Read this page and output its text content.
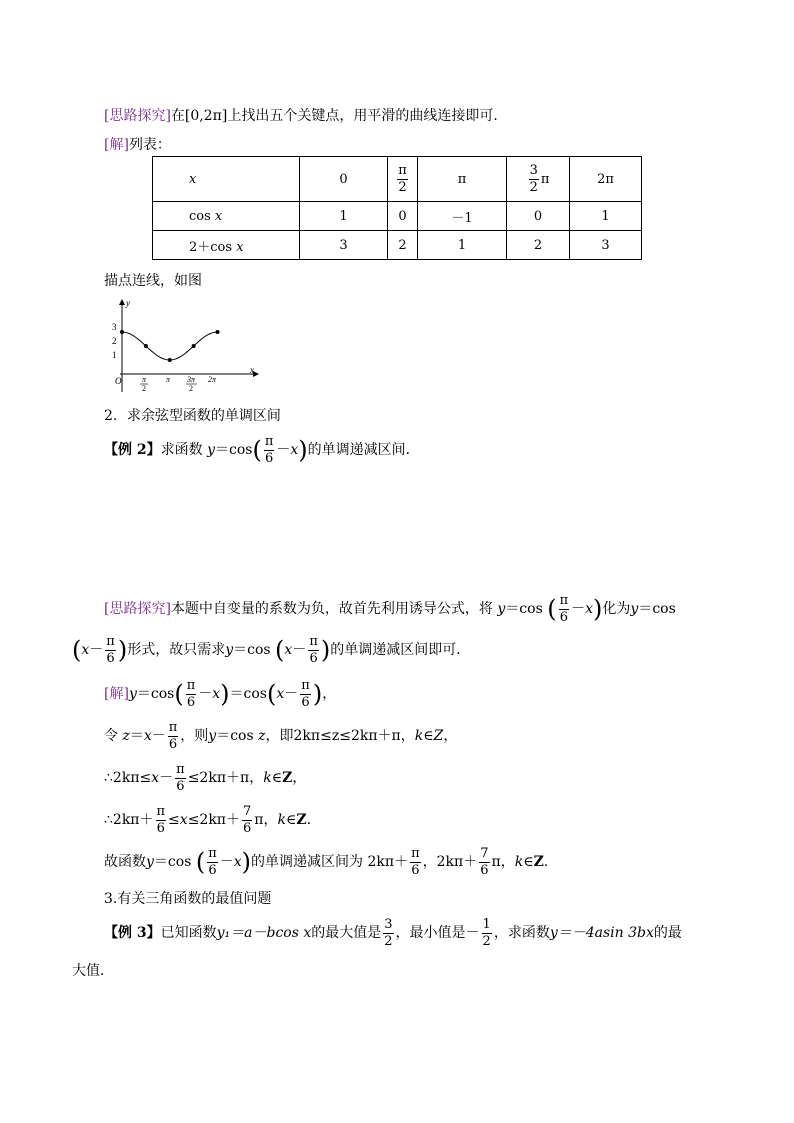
[思路探究]在[0,2π]上找出五个关键点，用平滑的曲线连接即可．
[解]列表：
x	0	$\frac{\pi}{2}$	π	$\frac{3}{2}$ π	2π
cos x	1	0	－1	0	1
2＋cos x	3	2	1	2	3
描点连线，如图
y
x
O
3
2
1
π
2
π 3π
2
2π
2．求余弦型函数的单调区间
【例 2】求函数 $y=\cos( \frac{\pi}{6} -x)$的单调递减区间．
[思路探究]本题中自变量的系数为负，故首先利用诱导公式，将 y＝cos ( $\frac{\pi}{6} -x$)化为y＝cos
($x- \frac{\pi}{6}$ )形式，故只需求y＝cos ($x- \frac{\pi}{6}$ )的单调递减区间即可．
[解]$y=\cos( \frac{\pi}{6} -x)=\cos(x- \frac{\pi}{6}$ )，
令 $z=x- \frac{\pi}{6}$ ，则y＝cos z，即2kπ≤z≤2kπ＋π，k∈Z，
∴2kπ≤x－ $\frac{\pi}{6} \le 2k\pi+\pi$，k∈Z，
∴2kπ＋ $\frac{\pi}{6} \le x\le 2k\pi+ \frac{7}{6}$ π，k∈Z.
故函数y＝cos ( $\frac{\pi}{6} -x$)的单调递减区间为 $2k\pi+ \frac{\pi}{6}$ ，$2k\pi+ \frac{7}{6}$ π，k∈Z.
3.有关三角函数的最值问题
【例 3】已知函数y₁＝a－bcos x的最大值是 $\frac{3}{2}$ ，最小值是－ $\frac{1}{2}$ ，求函数y＝－4asin 3bx的最
大值．
